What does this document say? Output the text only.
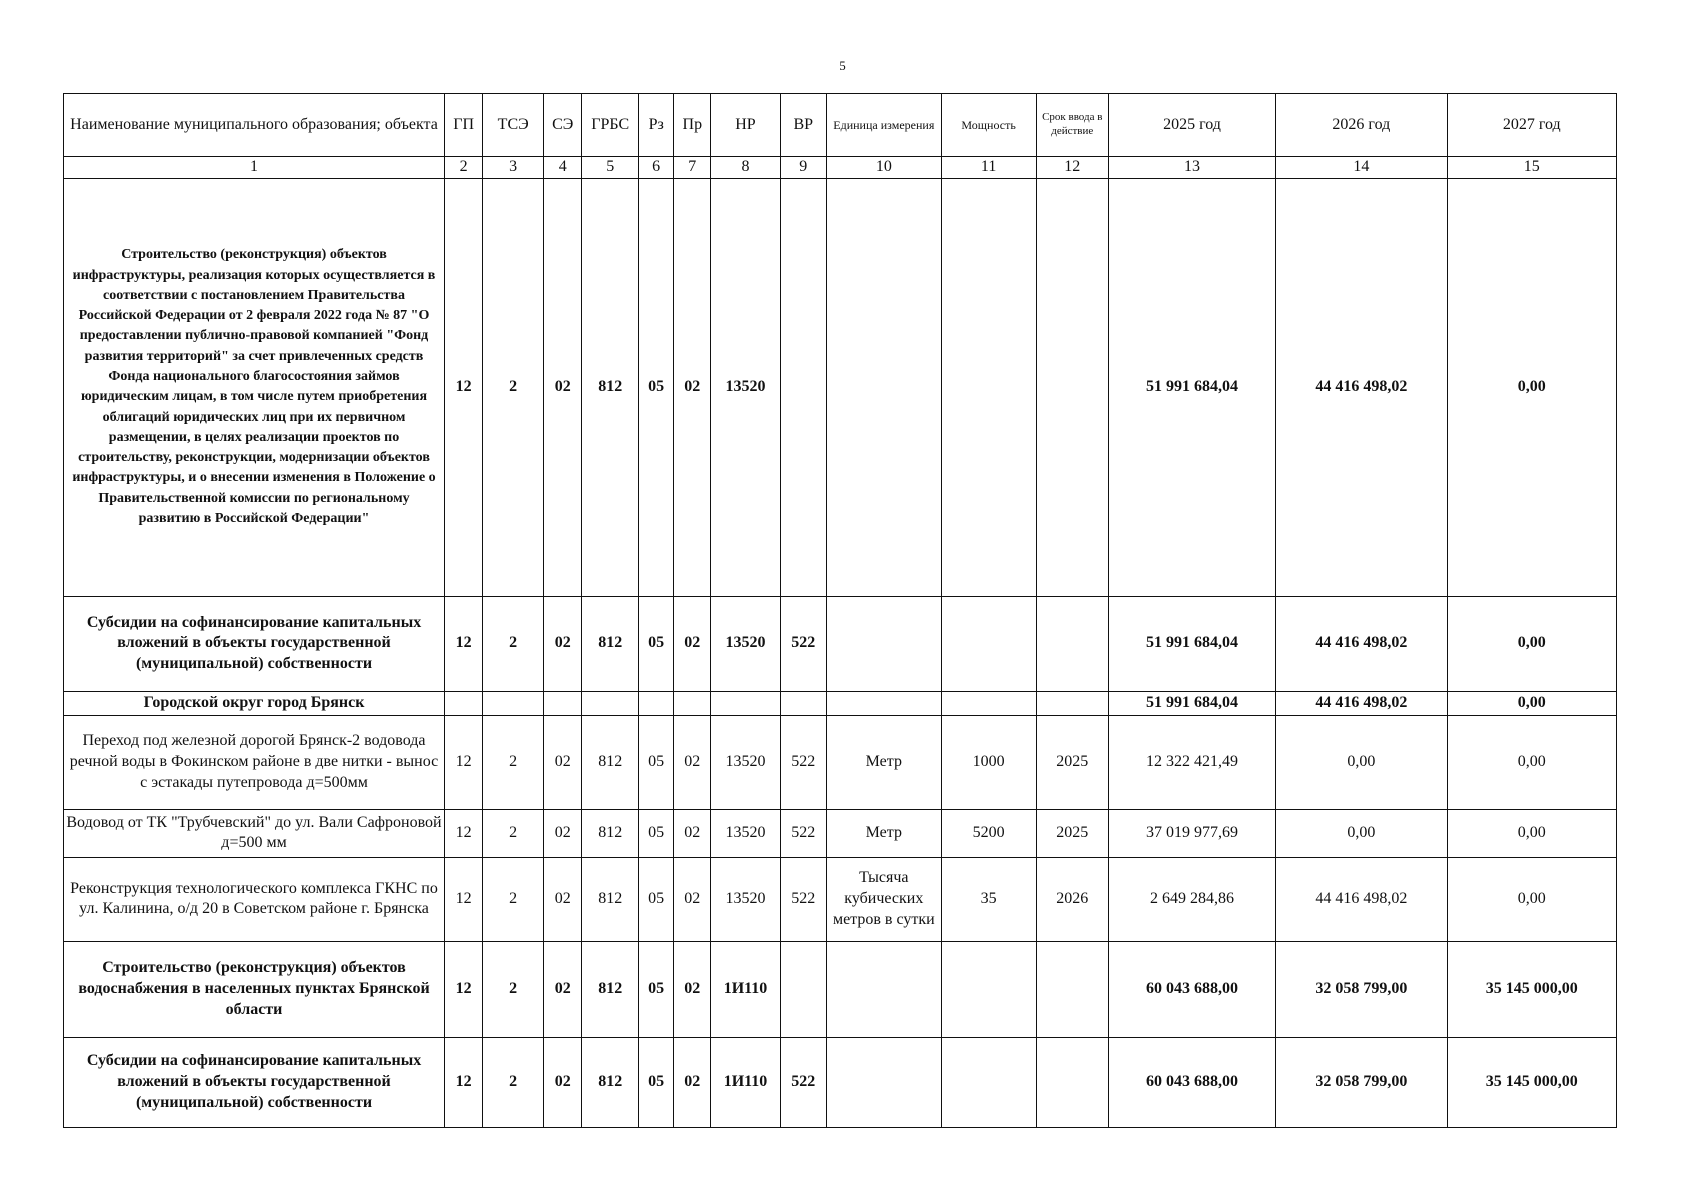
5
Наименование муниципального образования; объекта	ГП	ТСЭ	СЭ	ГРБС	Рз	Пр	НР	ВР	Единица измерения	Мощность	Срок ввода в действие	2025 год	2026 год	2027 год
1	2	3	4	5	6	7	8	9	10	11	12	13	14	15
Строительство (реконструкция) объектов инфраструктуры, реализация которых осуществляется в соответствии с постановлением Правительства Российской Федерации от 2 февраля 2022 года № 87 "О предоставлении публично-правовой компанией "Фонд развития территорий" за счет привлеченных средств Фонда национального благосостояния займов юридическим лицам, в том числе путем приобретения облигаций юридических лиц при их первичном размещении, в целях реализации проектов по строительству, реконструкции, модернизации объектов инфраструктуры, и о внесении изменения в Положение о Правительственной комиссии по региональному развитию в Российской Федерации"	12	2	02	812	05	02	13520					51 991 684,04	44 416 498,02	0,00
Субсидии на софинансирование капитальных вложений в объекты государственной (муниципальной) собственности	12	2	02	812	05	02	13520	522				51 991 684,04	44 416 498,02	0,00
Городской округ город Брянск												51 991 684,04	44 416 498,02	0,00
Переход под железной дорогой Брянск-2 водовода речной воды в Фокинском районе в две нитки - вынос с эстакады путепровода д=500мм	12	2	02	812	05	02	13520	522	Метр	1000	2025	12 322 421,49	0,00	0,00
Водовод от ТК "Трубчевский" до ул. Вали Сафроновой д=500 мм	12	2	02	812	05	02	13520	522	Метр	5200	2025	37 019 977,69	0,00	0,00
Реконструкция технологического комплекса ГКНС по ул. Калинина, о/д 20 в Советском районе г. Брянска	12	2	02	812	05	02	13520	522	Тысяча кубических метров в сутки	35	2026	2 649 284,86	44 416 498,02	0,00
Строительство (реконструкция) объектов водоснабжения в населенных пунктах Брянской области	12	2	02	812	05	02	1И110					60 043 688,00	32 058 799,00	35 145 000,00
Субсидии на софинансирование капитальных вложений в объекты государственной (муниципальной) собственности	12	2	02	812	05	02	1И110	522				60 043 688,00	32 058 799,00	35 145 000,00
